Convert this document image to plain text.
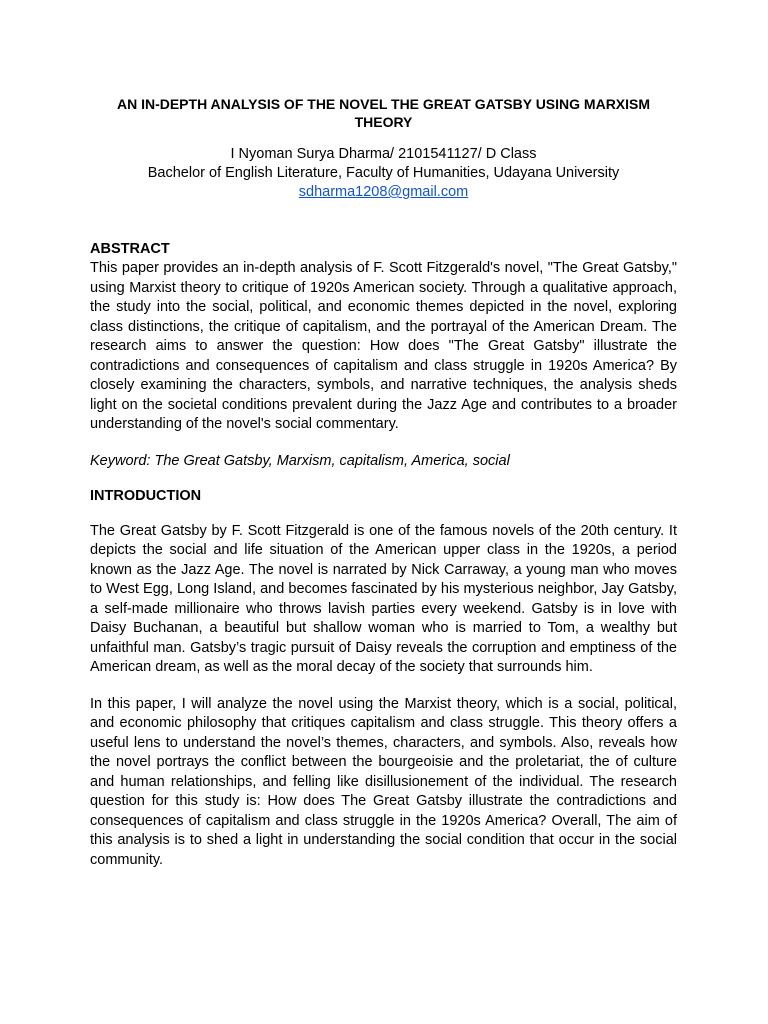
AN IN-DEPTH ANALYSIS OF THE NOVEL THE GREAT GATSBY USING MARXISM THEORY
I Nyoman Surya Dharma/ 2101541127/ D Class
Bachelor of English Literature, Faculty of Humanities, Udayana University
sdharma1208@gmail.com
ABSTRACT

This paper provides an in-depth analysis of F. Scott Fitzgerald's novel, "The Great Gatsby," using Marxist theory to critique of 1920s American society. Through a qualitative approach, the study into the social, political, and economic themes depicted in the novel, exploring class distinctions, the critique of capitalism, and the portrayal of the American Dream. The research aims to answer the question: How does "The Great Gatsby" illustrate the contradictions and consequences of capitalism and class struggle in 1920s America? By closely examining the characters, symbols, and narrative techniques, the analysis sheds light on the societal conditions prevalent during the Jazz Age and contributes to a broader understanding of the novel's social commentary.

Keyword: The Great Gatsby, Marxism, capitalism, America, social

INTRODUCTION

The Great Gatsby by F. Scott Fitzgerald is one of the famous novels of the 20th century. It depicts the social and life situation of the American upper class in the 1920s, a period known as the Jazz Age. The novel is narrated by Nick Carraway, a young man who moves to West Egg, Long Island, and becomes fascinated by his mysterious neighbor, Jay Gatsby, a self-made millionaire who throws lavish parties every weekend. Gatsby is in love with Daisy Buchanan, a beautiful but shallow woman who is married to Tom, a wealthy but unfaithful man. Gatsby’s tragic pursuit of Daisy reveals the corruption and emptiness of the American dream, as well as the moral decay of the society that surrounds him.

In this paper, I will analyze the novel using the Marxist theory, which is a social, political, and economic philosophy that critiques capitalism and class struggle. This theory offers a useful lens to understand the novel’s themes, characters, and symbols. Also, reveals how the novel portrays the conflict between the bourgeoisie and the proletariat, the of culture and human relationships, and felling like disillusionement of the individual. The research question for this study is: How does The Great Gatsby illustrate the contradictions and consequences of capitalism and class struggle in the 1920s America? Overall, The aim of this analysis is to shed a light in understanding the social condition that occur in the social community.
